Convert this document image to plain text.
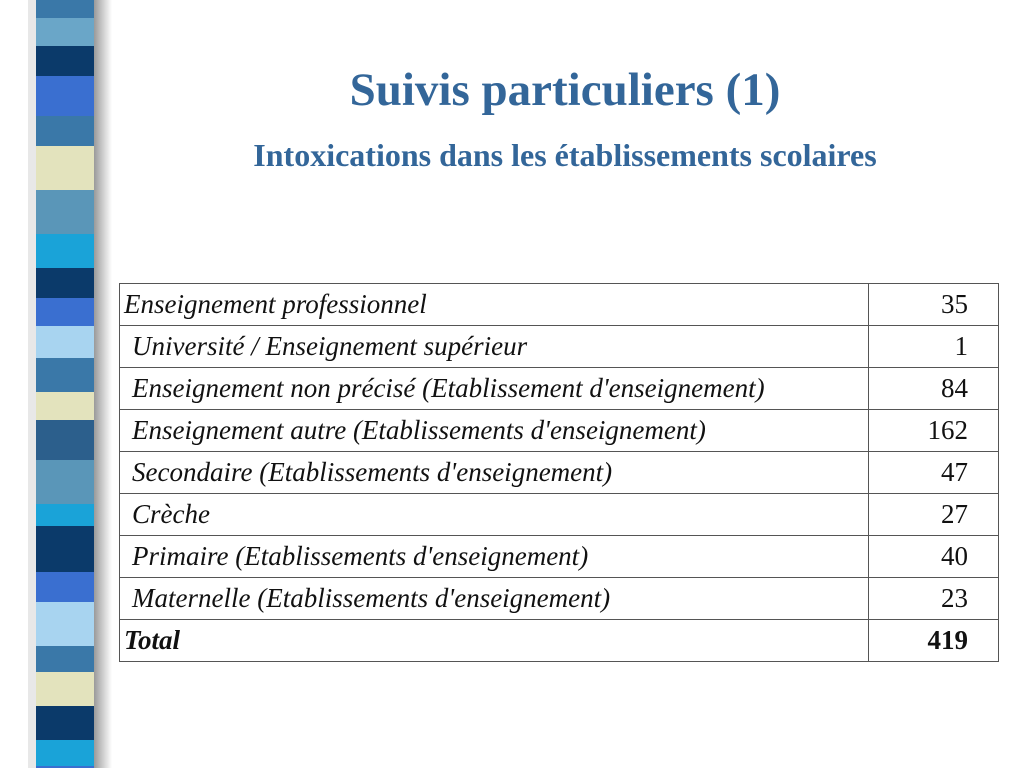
Suivis particuliers (1)
Intoxications dans les établissements scolaires
Enseignement professionnel	35
Université / Enseignement supérieur	1
Enseignement non précisé (Etablissement d'enseignement)	84
Enseignement autre (Etablissements d'enseignement)	162
Secondaire (Etablissements d'enseignement)	47
Crèche	27
Primaire (Etablissements d'enseignement)	40
Maternelle (Etablissements d'enseignement)	23
Total	419
